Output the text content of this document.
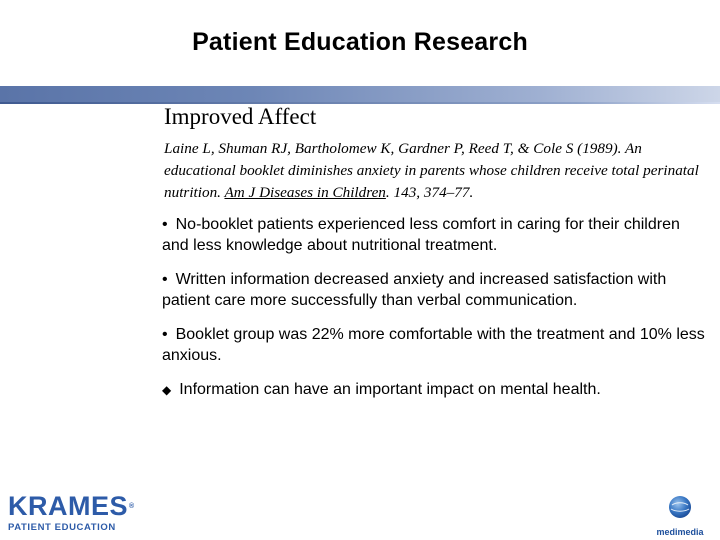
Patient Education Research
Improved Affect
Laine L, Shuman RJ, Bartholomew K, Gardner P, Reed T, & Cole S (1989). An educational booklet diminishes anxiety in parents whose children receive total perinatal nutrition. Am J Diseases in Children. 143, 374–77.
• No-booklet patients experienced less comfort in caring for their children and less knowledge about nutritional treatment.
• Written information decreased anxiety and increased satisfaction with patient care more successfully than verbal communication.
• Booklet group was 22% more comfortable with the treatment and 10% less anxious.
◆ Information can have an important impact on mental health.
KRAMES®
PATIENT EDUCATION	medimedia
